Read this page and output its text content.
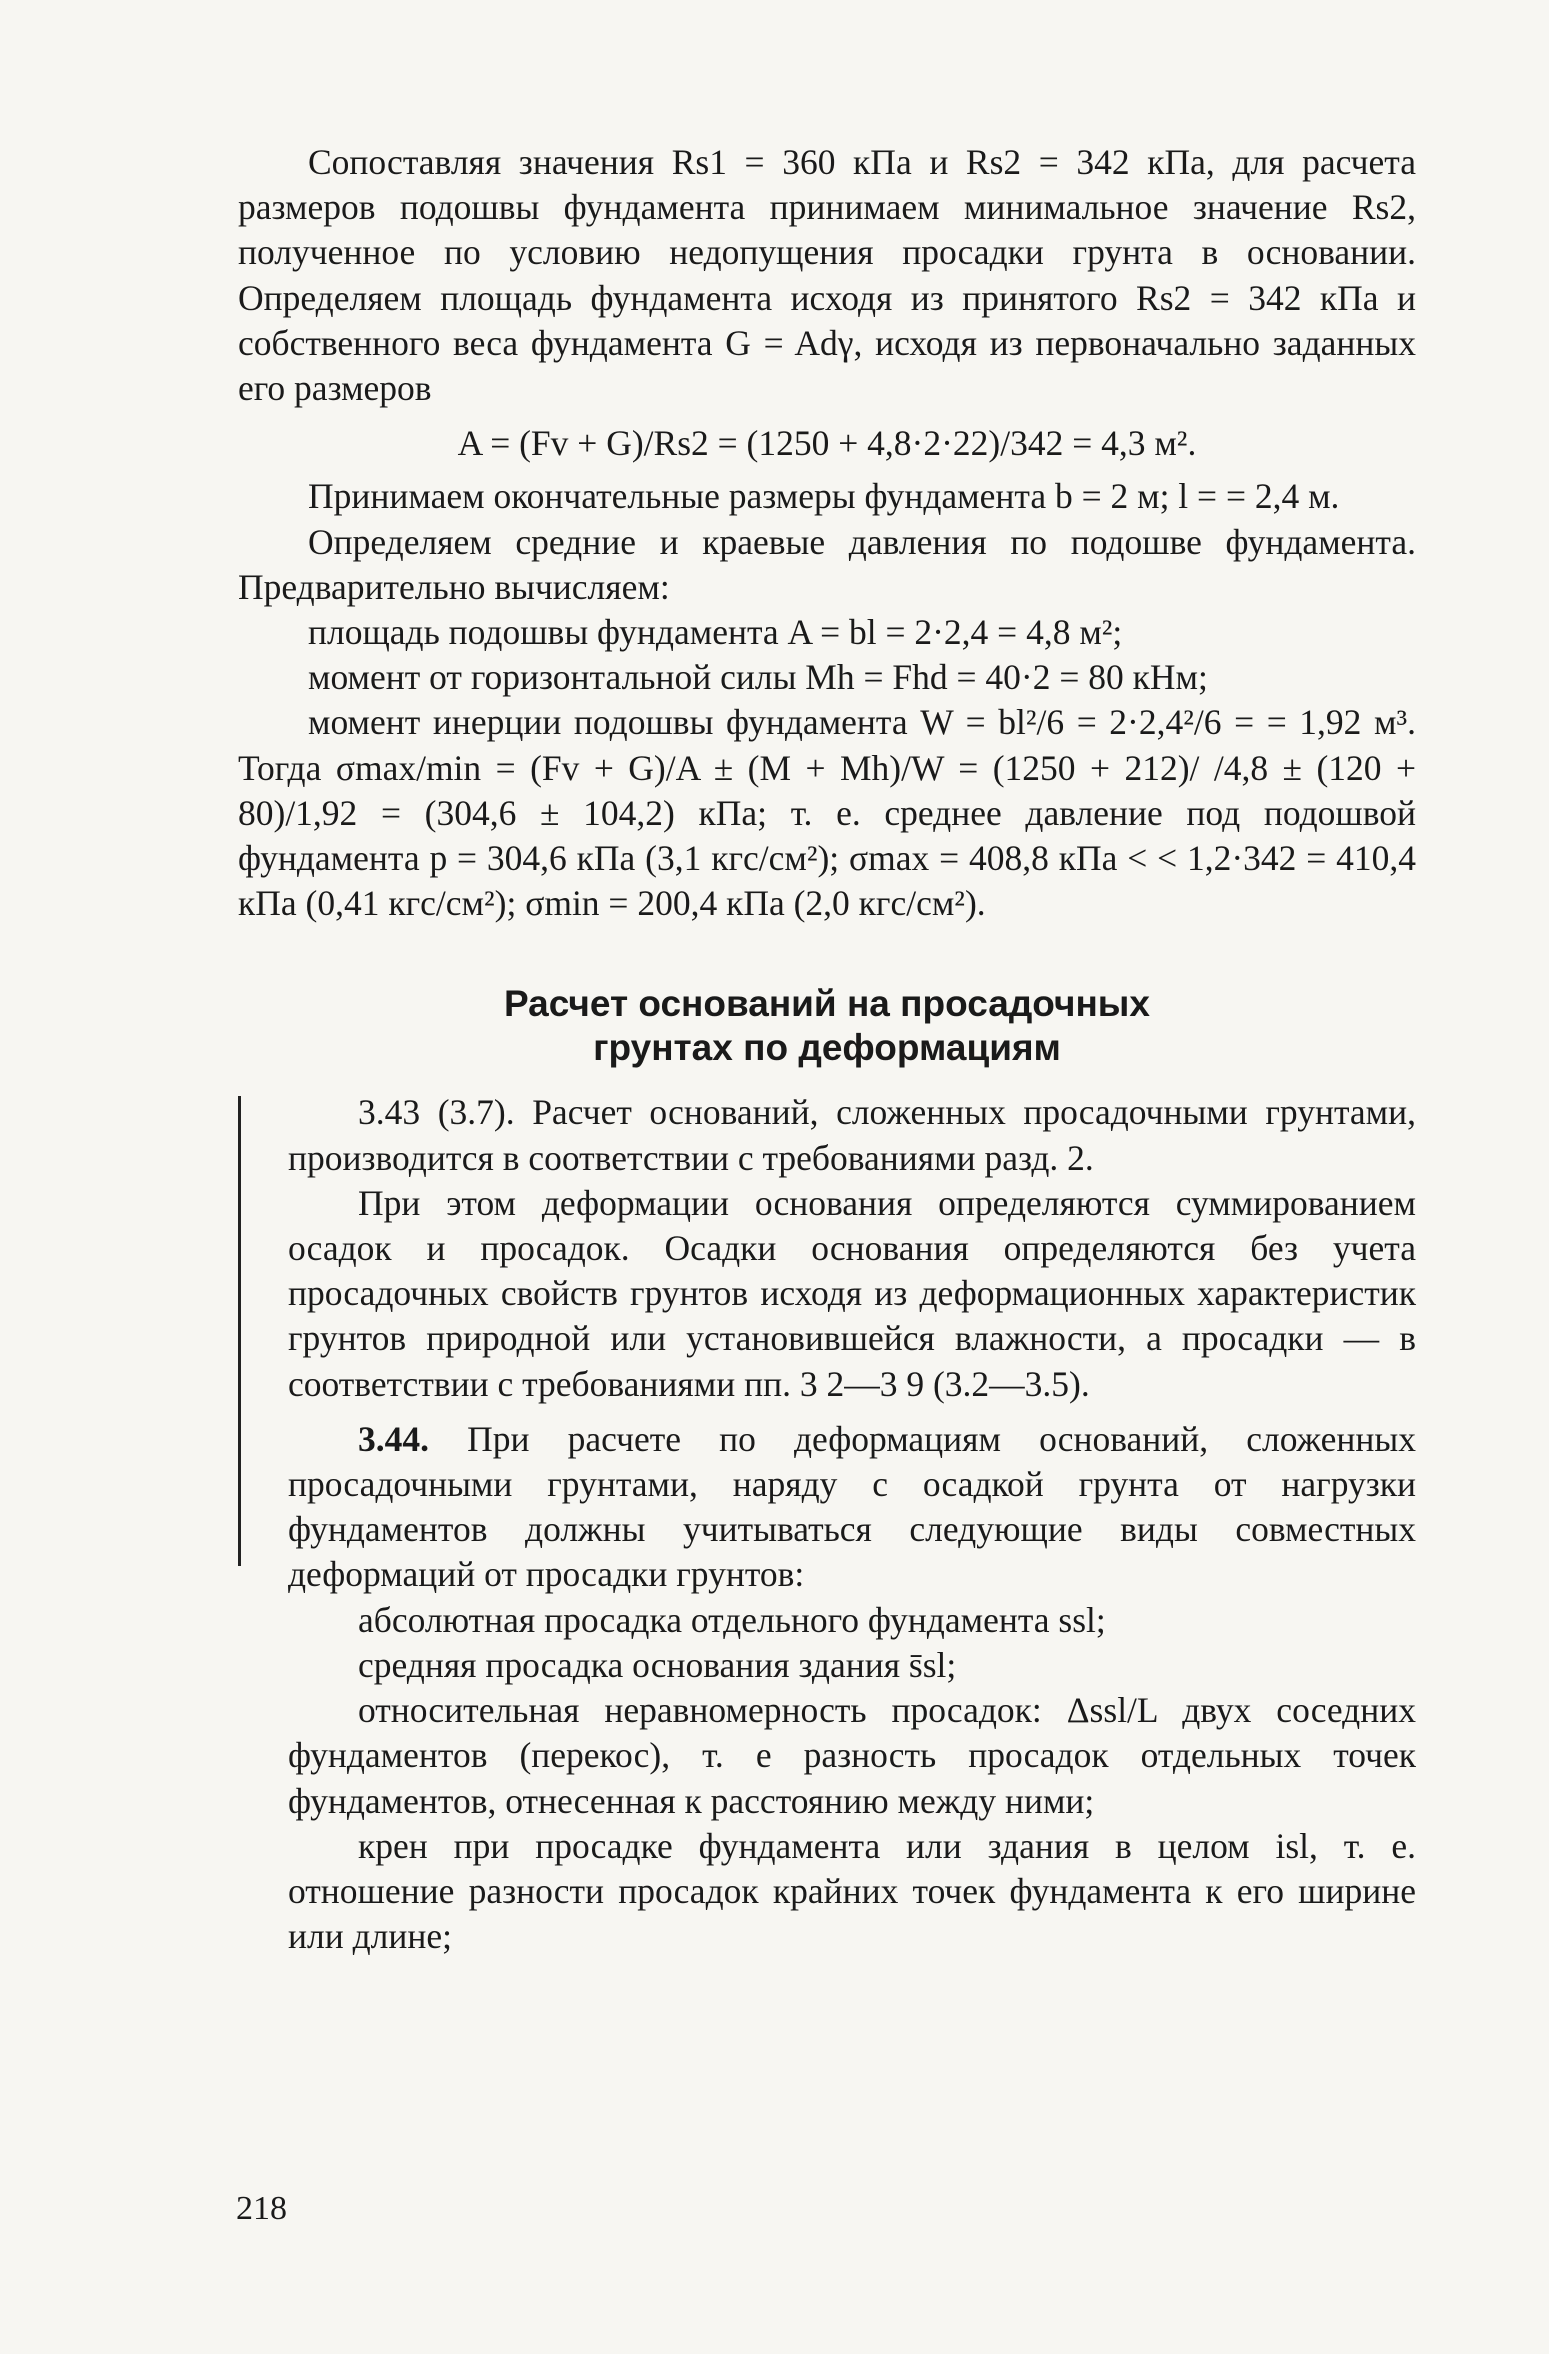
Сопоставляя значения Rs1 = 360 кПа и Rs2 = 342 кПа, для расчета размеров подошвы фундамента принимаем минимальное значение Rs2, полученное по условию недопущения просадки грунта в основании. Определяем площадь фундамента исходя из принятого Rs2 = 342 кПа и собственного веса фундамента G = Adγ, исходя из первоначально заданных его размеров

A = (Fv + G)/Rs2 = (1250 + 4,8·2·22)/342 = 4,3 м².

Принимаем окончательные размеры фундамента b = 2 м; l = = 2,4 м.

Определяем средние и краевые давления по подошве фундамента. Предварительно вычисляем:

площадь подошвы фундамента A = bl = 2·2,4 = 4,8 м²;

момент от горизонтальной силы Mh = Fhd = 40·2 = 80 кНм;

момент инерции подошвы фундамента W = bl²/6 = 2·2,4²/6 = = 1,92 м³. Тогда σmax/min = (Fv + G)/A ± (M + Mh)/W = (1250 + 212)/ /4,8 ± (120 + 80)/1,92 = (304,6 ± 104,2) кПа; т. е. среднее давление под подошвой фундамента p = 304,6 кПа (3,1 кгс/см²); σmax = 408,8 кПа < < 1,2·342 = 410,4 кПа (0,41 кгс/см²); σmin = 200,4 кПа (2,0 кгс/см²).

Расчет оснований на просадочных
грунтах по деформациям

3.43 (3.7). Расчет оснований, сложенных просадочными грунтами, производится в соответствии с требованиями разд. 2.

При этом деформации основания определяются суммированием осадок и просадок. Осадки основания определяются без учета просадочных свойств грунтов исходя из деформационных характеристик грунтов природной или установившейся влажности, а просадки — в соответствии с требованиями пп. 3 2—3 9 (3.2—3.5).

3.44. При расчете по деформациям оснований, сложенных просадочными грунтами, наряду с осадкой грунта от нагрузки фундаментов должны учитываться следующие виды совместных деформаций от просадки грунтов:

абсолютная просадка отдельного фундамента ssl;

средняя просадка основания здания s̄sl;

относительная неравномерность просадок: Δssl/L двух соседних фундаментов (перекос), т. е разность просадок отдельных точек фундаментов, отнесенная к расстоянию между ними;

крен при просадке фундамента или здания в целом isl, т. е. отношение разности просадок крайних точек фундамента к его ширине или длине;

218
